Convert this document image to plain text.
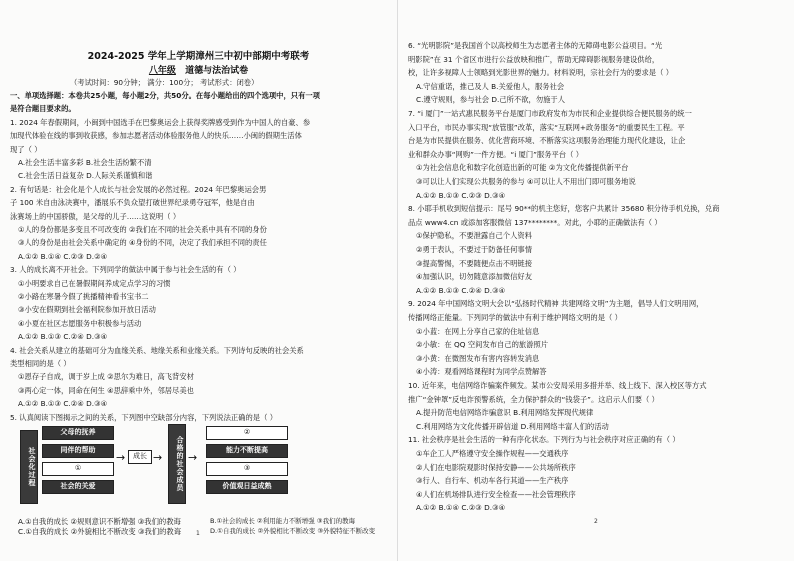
2024-2025 学年上学期漳州三中初中部期中考联考
八年级 道德与法治试卷
（考试时间：90分钟； 满分：100分； 考试形式：闭卷）
一、单项选择题：本卷共25小题，每小题2分，共50分。在每小题给出的四个选项中，只有一项
是符合题目要求的。
1. 2024 年春假期间，小闽到中国选手在巴黎奥运会上获得奖牌感受到作为中国人的自豪、参
加现代体验在线的事到收获感，参加志愿者活动体验服务他人的快乐……小闽的假期生活体
现了（ ）
A.社会生活丰富多彩 B.社会生活纷繁不清
C.社会生活日益复杂 D.人际关系谨慎和谐
2. 有句话是：社会化是个人成长与社会发展的必然过程。2024 年巴黎奥运会男
子 100 米自由泳决赛中，潘展乐不负众望打破世界纪录勇夺冠军，他是自由
泳赛场上的中国骄傲，是父母的儿子……这说明（ ）
①人的身份都是多变且不可改变的 ②我们在不同的社会关系中具有不同的身份
③人的身份是由社会关系中确定的 ④身份的不同，决定了我们承担不同的责任
A.①② B.①④ C.②③ D.②④
3. 人的成长离不开社会。下列同学的做法中属于参与社会生活的有（ ）
①小明要求自己在暑假期间养成定点学习的习惯
②小路在寒暑今假了挑播精神看书宝书二
③小安在假期到社会福利院参加开放日活动
④小夏在社区志愿服务中积极参与活动
A.①② B.①③ C.②④ D.③④
4. 社会关系从建立的基础可分为血缘关系、地缘关系和业缘关系。下列诗句反映的社会关系
类型相同的是（ ）
①恩存子自成，调于岁上成 ②思尔为难日，高飞背安材
③两心定一体，同命在何生 ④思辞乘中外，邻居尽美也
A.①② B.①③ C.②④ D.③④
5. 认真阅读下图揭示之间的关系，下列图中空缺部分内容，下列说法正确的是（ ）
社会化过程
父母的抚养
同伴的帮助
①
社会的关爱
→	成长 →	合格的社会成员 →
②
能力不断提高
③
价值观日益成熟
A.①自我的成长 ②规则意识不断增强 ③我们的教诲
C.①自我的成长 ②外貌相比不断改变 ③我们的教诲
B.①社会的成长 ②利用能力不断增强 ③我们的教诲
D.①自我的成长 ②外貌相比不断改变 ③外貌特征不断改变
1
6. “光明影院”是我国首个以高校师生为志愿者主体的无障碍电影公益项目。“光
明影院”在 31 个省区市进行公益放映和推广，帮助无障碍影视服务建设供给，
校，让许多视障人士领略到光影世界的魅力。材料说明，宗社会行为的要求是（ ）
A.守信重诺，推己及人 B.关爱他人，服务社会
C.遵守规则，参与社会 D.己所不欲，勿施于人
7. “i 厦门”一站式惠民服务平台是厦门市政府发布为市民和企业提供综合便民服务的统一
入口平台，市民办事实现“放管服”改革，落实“互联网+政务服务”的重要民生工程。平
台是为市民提供在服务、优化营商环境、不断落实这项服务治理能力现代化建设，让企
业和群众办事“网购”一件方便。“i 厦门”服务平台（ ）
①为社会信息化和数字化创造出新的可能 ②为文化传播提供新平台
③可以让人们实现公共服务的参与 ④可以让人不用出门即可服务地说
A.①② B.①③ C.②③ D.③④
8. 小耶手机收到短信提示：尾号 90**的机主您好，您客户共累计 35680 积分待手机兑换，兑商
品点 www4.cn 或添加客服微信 137********。对此，小耶的正确做法有（ ）
①保护隐私，不要泄露自己个人资料
②勇于表认，不要过于防备任何事情
③提高警惕，不要随便点击不明链接
④加强认识，切勿随意添加微信好友
A.①② B.①③ C.②④ D.③④
9. 2024 年中国网络文明大会以“弘扬时代精神 共建网络文明”为主题，倡导人们文明用网，
传播网络正能量。下列同学的做法中有利于维护网络文明的是（ ）
①小蓝：在网上分享自己家的住址信息
②小敏：在 QQ 空间发布自己的旅游照片
③小黄：在微图发布有害内容转发消息
④小涛：观看网络课程时为同学点赞解答
10. 近年来，电信网络诈骗案件频发。某市公安局采用多措并举、线上线下、深入校区等方式
推广“金钟罩”反电诈预警系统，全力保护群众的“钱袋子”。这启示人们要（ ）
A.提升防范电信网络诈骗意识 B.利用网络发挥现代规律
C.利用网络为文化传播开辟信道 D.利用网络丰富人们的活动
11. 社会秩序是社会生活的一种有序化状态。下列行为与社会秩序对应正确的有（ ）
①车企工人严格遵守安全操作规程——交通秩序
②人们在电影院观影时保持安静——公共场所秩序
③行人、自行车、机动车各行其道——生产秩序
④人们在机场排队进行安全检查——社会管理秩序
A.①② B.①④ C.②③ D.③④
2
